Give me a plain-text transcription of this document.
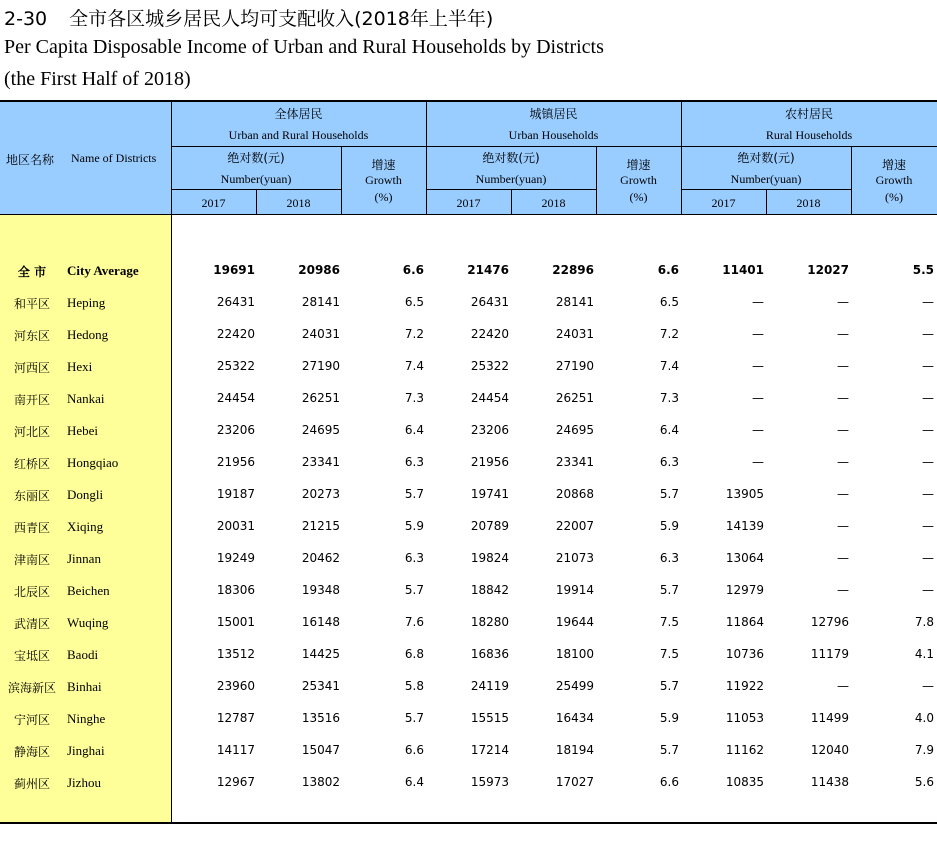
2-30 全市各区城乡居民人均可支配收入(2018年上半年)
Per Capita Disposable Income of Urban and Rural Households by Districts
(the First Half of 2018)
地区名称 Name of Districts
全体居民
Urban and Rural Households
绝对数(元)
Number(yuan)
2017	2018
增速
Growth
(%)
城镇居民
Urban Households
绝对数(元)
Number(yuan)
2017	2018
增速
Growth
(%)
农村居民
Rural Households
绝对数(元)
Number(yuan)
2017	2018
增速
Growth
(%)
全 市	City Average	19691	20986	6.6	21476	22896	6.6	11401	12027	5.5
和平区	Heping	26431	28141	6.5	26431	28141	6.5	—	—	—
河东区	Hedong	22420	24031	7.2	22420	24031	7.2	—	—	—
河西区	Hexi	25322	27190	7.4	25322	27190	7.4	—	—	—
南开区	Nankai	24454	26251	7.3	24454	26251	7.3	—	—	—
河北区	Hebei	23206	24695	6.4	23206	24695	6.4	—	—	—
红桥区	Hongqiao	21956	23341	6.3	21956	23341	6.3	—	—	—
东丽区	Dongli	19187	20273	5.7	19741	20868	5.7	13905	—	—
西青区	Xiqing	20031	21215	5.9	20789	22007	5.9	14139	—	—
津南区	Jinnan	19249	20462	6.3	19824	21073	6.3	13064	—	—
北辰区	Beichen	18306	19348	5.7	18842	19914	5.7	12979	—	—
武清区	Wuqing	15001	16148	7.6	18280	19644	7.5	11864	12796	7.8
宝坻区	Baodi	13512	14425	6.8	16836	18100	7.5	10736	11179	4.1
滨海新区 Binhai	23960	25341	5.8	24119	25499	5.7	11922	—	—
宁河区	Ninghe	12787	13516	5.7	15515	16434	5.9	11053	11499	4.0
静海区	Jinghai	14117	15047	6.6	17214	18194	5.7	11162	12040	7.9
蓟州区	Jizhou	12967	13802	6.4	15973	17027	6.6	10835	11438	5.6
